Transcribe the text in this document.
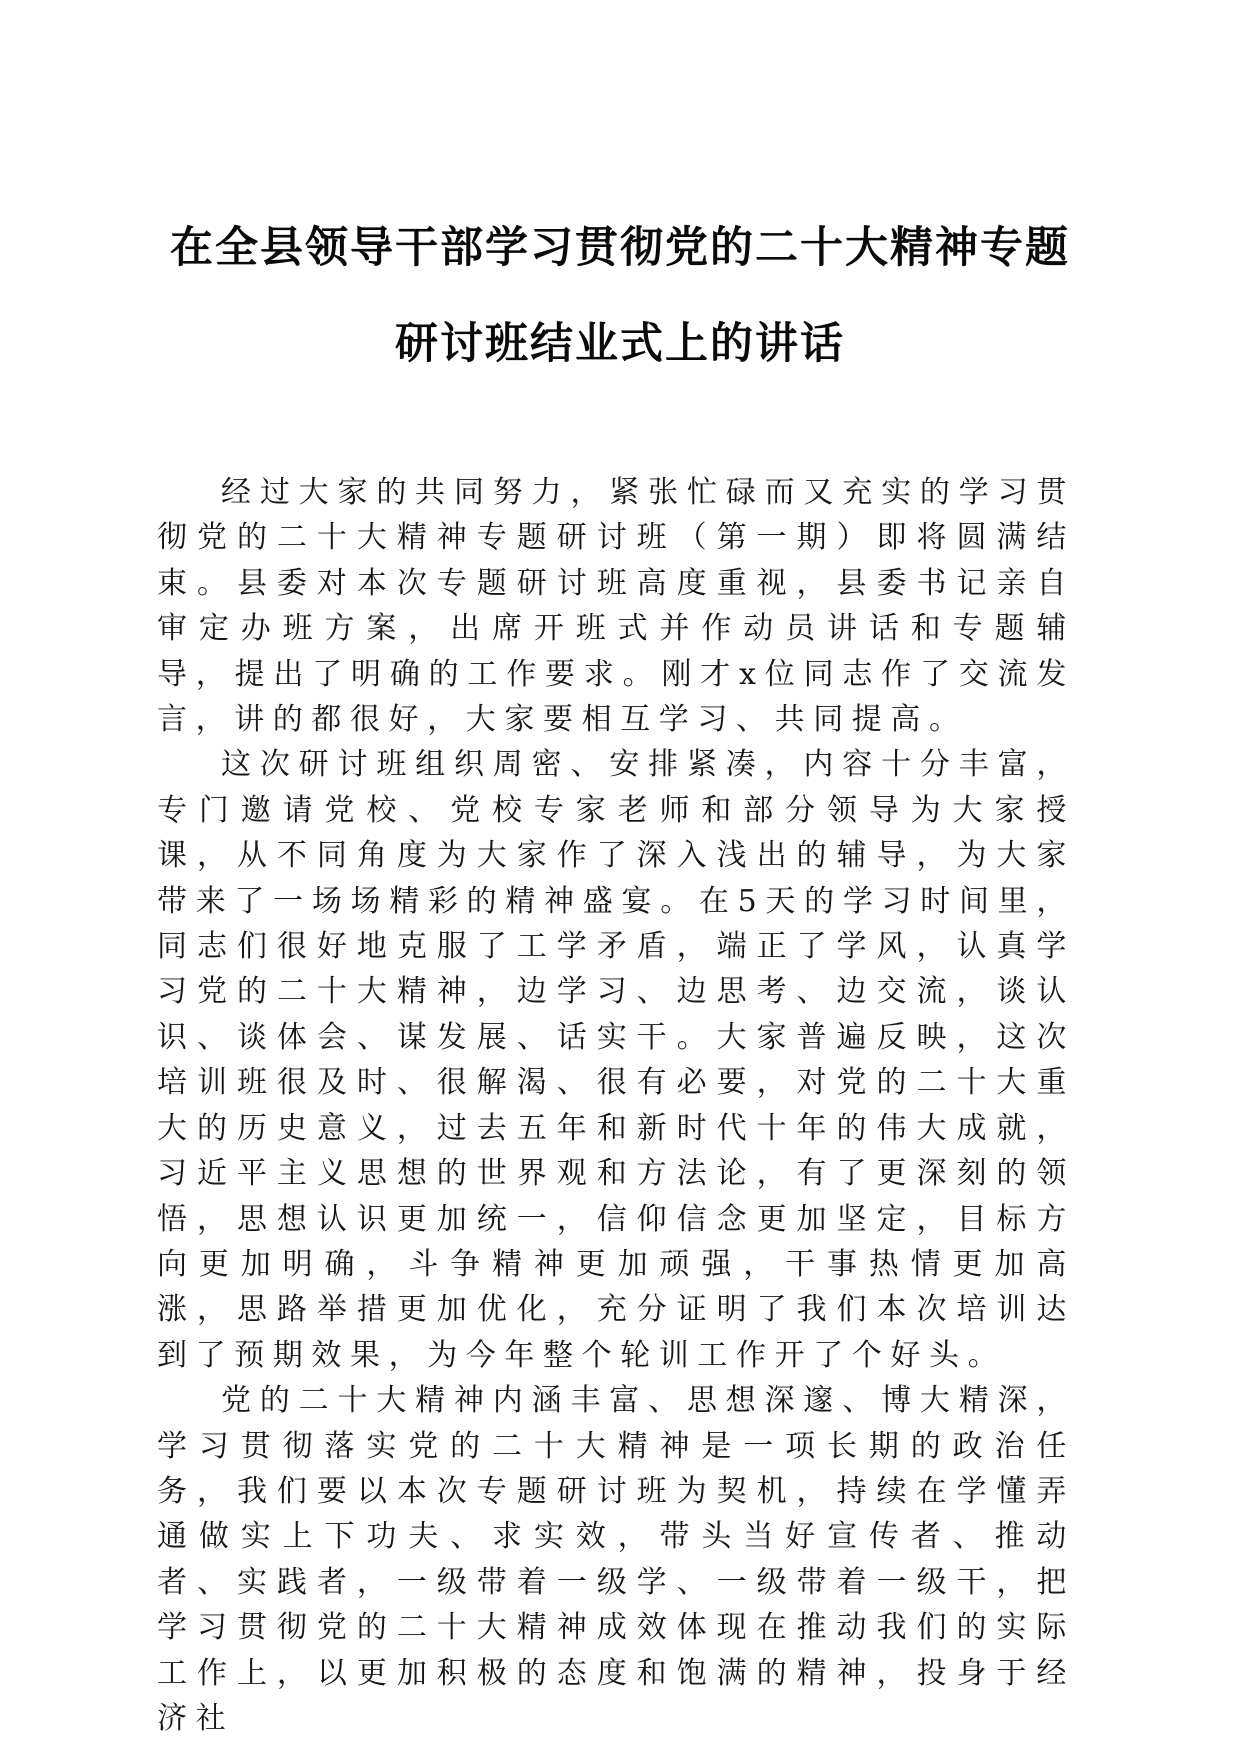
在全县领导干部学习贯彻党的二十大精神专题
研讨班结业式上的讲话

经过大家的共同努力，紧张忙碌而又充实的学习贯彻党的二十大精神专题研讨班（第一期）即将圆满结束。县委对本次专题研讨班高度重视，县委书记亲自审定办班方案，出席开班式并作动员讲话和专题辅导，提出了明确的工作要求。刚才x位同志作了交流发言，讲的都很好，大家要相互学习、共同提高。

这次研讨班组织周密、安排紧凑，内容十分丰富，专门邀请党校、党校专家老师和部分领导为大家授课，从不同角度为大家作了深入浅出的辅导，为大家带来了一场场精彩的精神盛宴。在5天的学习时间里，同志们很好地克服了工学矛盾，端正了学风，认真学习党的二十大精神，边学习、边思考、边交流，谈认识、谈体会、谋发展、话实干。大家普遍反映，这次培训班很及时、很解渴、很有必要，对党的二十大重大的历史意义，过去五年和新时代十年的伟大成就，习近平主义思想的世界观和方法论，有了更深刻的领悟，思想认识更加统一，信仰信念更加坚定，目标方向更加明确，斗争精神更加顽强，干事热情更加高涨，思路举措更加优化，充分证明了我们本次培训达到了预期效果，为今年整个轮训工作开了个好头。

党的二十大精神内涵丰富、思想深邃、博大精深，学习贯彻落实党的二十大精神是一项长期的政治任务，我们要以本次专题研讨班为契机，持续在学懂弄通做实上下功夫、求实效，带头当好宣传者、推动者、实践者，一级带着一级学、一级带着一级干，把学习贯彻党的二十大精神成效体现在推动我们的实际工作上，以更加积极的态度和饱满的精神，投身于经济社
